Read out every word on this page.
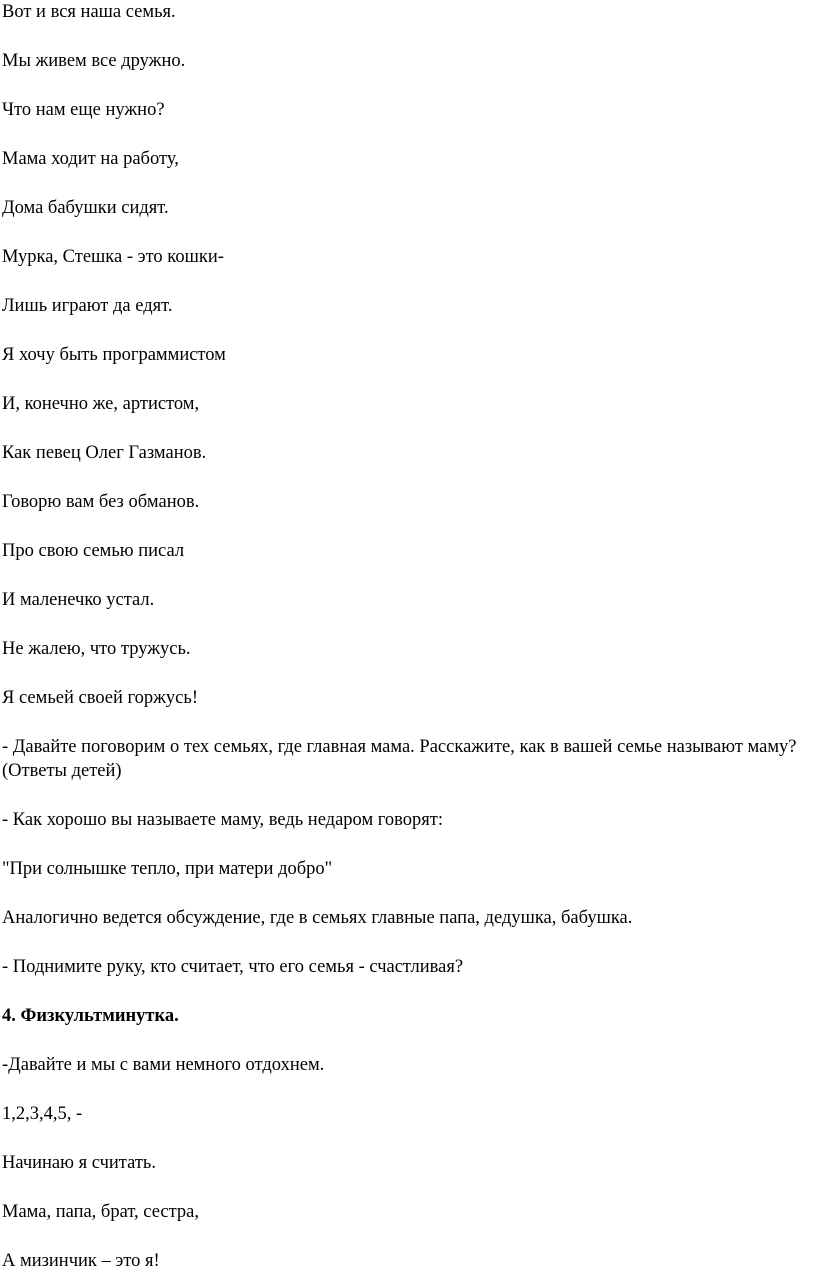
Вот и вся наша семья.

Мы живем все дружно.

Что нам еще нужно?

Мама ходит на работу,

Дома бабушки сидят.

Мурка, Стешка - это кошки-

Лишь играют да едят.

Я хочу быть программистом

И, конечно же, артистом,

Как певец Олег Газманов.

Говорю вам без обманов.

Про свою семью писал

И маленечко устал.

Не жалею, что тружусь.

Я семьей своей горжусь!

- Давайте поговорим о тех семьях, где главная мама. Расскажите, как в вашей семье называют маму?(Ответы детей)

- Как хорошо вы называете маму, ведь недаром говорят:

"При солнышке тепло, при матери добро"

Аналогично ведется обсуждение, где в семьях главные папа, дедушка, бабушка.

- Поднимите руку, кто считает, что его семья - счастливая?

4. Физкультминутка.

-Давайте и мы с вами немного отдохнем.

1,2,3,4,5, -

Начинаю я считать.

Мама, папа, брат, сестра,

А мизинчик – это я!
